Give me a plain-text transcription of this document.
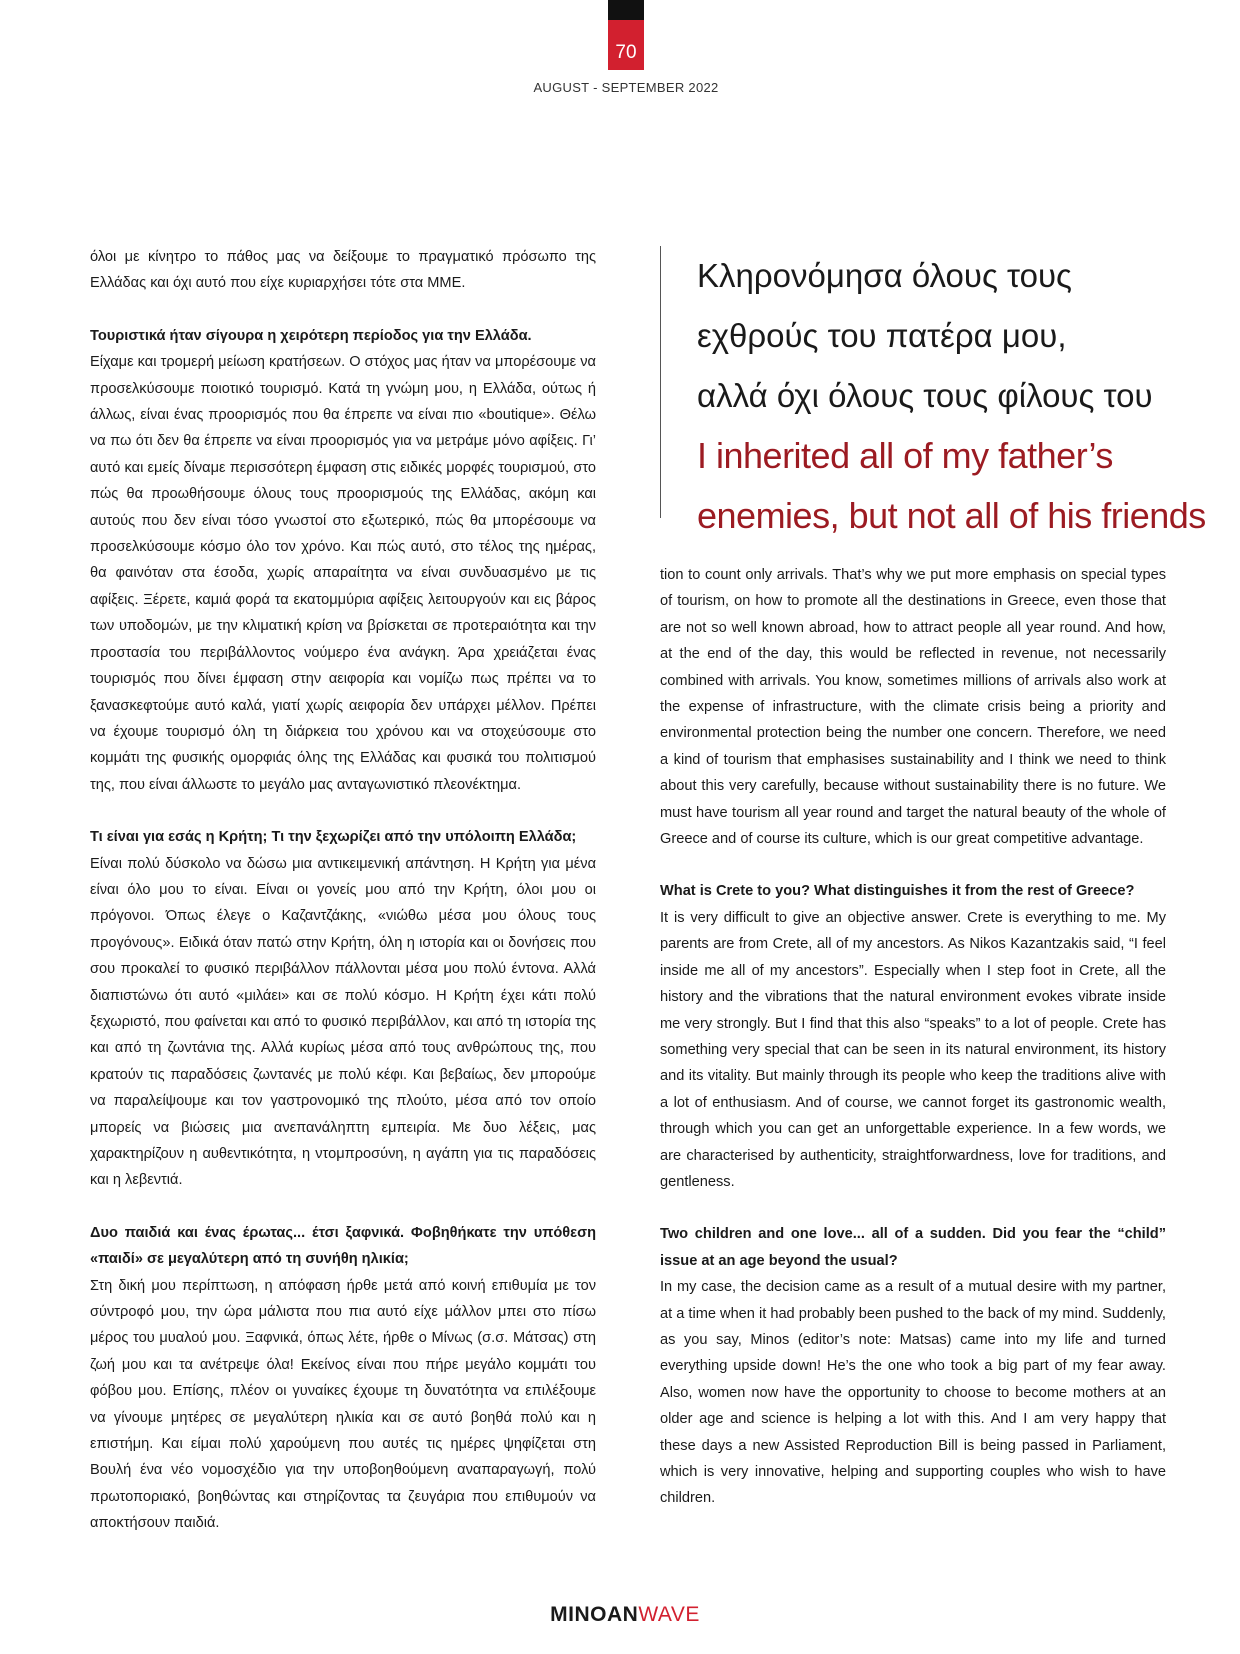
70
AUGUST - SEPTEMBER 2022

όλοι με κίνητρο το πάθος μας να δείξουμε το πραγματικό πρόσωπο της Ελλάδας και όχι αυτό που είχε κυριαρχήσει τότε στα ΜΜΕ.

Τουριστικά ήταν σίγουρα η χειρότερη περίοδος για την Ελλάδα.

Είχαμε και τρομερή μείωση κρατήσεων. Ο στόχος μας ήταν να μπορέσουμε να προσελκύσουμε ποιοτικό τουρισμό. Κατά τη γνώμη μου, η Ελλάδα, ούτως ή άλλως, είναι ένας προορισμός που θα έπρεπε να είναι πιο «boutique». Θέλω να πω ότι δεν θα έπρεπε να είναι προορισμός για να μετράμε μόνο αφίξεις. Γι’ αυτό και εμείς δίναμε περισσότερη έμφαση στις ειδικές μορφές τουρισμού, στο πώς θα προωθήσουμε όλους τους προορισμούς της Ελλάδας, ακόμη και αυτούς που δεν είναι τόσο γνωστοί στο εξωτερικό, πώς θα μπορέσουμε να προσελκύσουμε κόσμο όλο τον χρόνο. Και πώς αυτό, στο τέλος της ημέρας, θα φαινόταν στα έσοδα, χωρίς απαραίτητα να είναι συνδυασμένο με τις αφίξεις. Ξέρετε, καμιά φορά τα εκατομμύρια αφίξεις λειτουργούν και εις βάρος των υποδομών, με την κλιματική κρίση να βρίσκεται σε προτεραιότητα και την προστασία του περιβάλλοντος νούμερο ένα ανάγκη. Άρα χρειάζεται ένας τουρισμός που δίνει έμφαση στην αειφορία και νομίζω πως πρέπει να το ξανασκεφτούμε αυτό καλά, γιατί χωρίς αειφορία δεν υπάρχει μέλλον. Πρέπει να έχουμε τουρισμό όλη τη διάρκεια του χρόνου και να στοχεύσουμε στο κομμάτι της φυσικής ομορφιάς όλης της Ελλάδας και φυσικά του πολιτισμού της, που είναι άλλωστε το μεγάλο μας ανταγωνιστικό πλεονέκτημα.

Τι είναι για εσάς η Κρήτη; Τι την ξεχωρίζει από την υπόλοιπη Ελλάδα;

Είναι πολύ δύσκολο να δώσω μια αντικειμενική απάντηση. Η Κρήτη για μένα είναι όλο μου το είναι. Είναι οι γονείς μου από την Κρήτη, όλοι μου οι πρόγονοι. Όπως έλεγε ο Καζαντζάκης, «νιώθω μέσα μου όλους τους προγόνους». Ειδικά όταν πατώ στην Κρήτη, όλη η ιστορία και οι δονήσεις που σου προκαλεί το φυσικό περιβάλλον πάλλονται μέσα μου πολύ έντονα. Αλλά διαπιστώνω ότι αυτό «μιλάει» και σε πολύ κόσμο. Η Κρήτη έχει κάτι πολύ ξεχωριστό, που φαίνεται και από το φυσικό περιβάλλον, και από τη ιστορία της και από τη ζωντάνια της. Αλλά κυρίως μέσα από τους ανθρώπους της, που κρατούν τις παραδόσεις ζωντανές με πολύ κέφι. Και βεβαίως, δεν μπορούμε να παραλείψουμε και τον γαστρονομικό της πλούτο, μέσα από τον οποίο μπορείς να βιώσεις μια ανεπανάληπτη εμπειρία. Με δυο λέξεις, μας χαρακτηρίζουν η αυθεντικότητα, η ντομπροσύνη, η αγάπη για τις παραδόσεις και η λεβεντιά.

Δυο παιδιά και ένας έρωτας... έτσι ξαφνικά. Φοβηθήκατε την υπόθεση «παιδί» σε μεγαλύτερη από τη συνήθη ηλικία;

Στη δική μου περίπτωση, η απόφαση ήρθε μετά από κοινή επιθυμία με τον σύντροφό μου, την ώρα μάλιστα που πια αυτό είχε μάλλον μπει στο πίσω μέρος του μυαλού μου. Ξαφνικά, όπως λέτε, ήρθε ο Μίνως (σ.σ. Μάτσας) στη ζωή μου και τα ανέτρεψε όλα! Εκείνος είναι που πήρε μεγάλο κομμάτι του φόβου μου. Επίσης, πλέον οι γυναίκες έχουμε τη δυνατότητα να επιλέξουμε να γίνουμε μητέρες σε μεγαλύτερη ηλικία και σε αυτό βοηθά πολύ και η επιστήμη. Και είμαι πολύ χαρούμενη που αυτές τις ημέρες ψηφίζεται στη Βουλή ένα νέο νομοσχέδιο για την υποβοηθούμενη αναπαραγωγή, πολύ πρωτοποριακό, βοηθώντας και στηρίζοντας τα ζευγάρια που επιθυμούν να αποκτήσουν παιδιά.

Κληρονόμησα όλους τους
εχθρούς του πατέρα μου,
αλλά όχι όλους τους φίλους του
I inherited all of my father’s
enemies, but not all of his friends

tion to count only arrivals. That’s why we put more emphasis on special types of tourism, on how to promote all the destinations in Greece, even those that are not so well known abroad, how to attract people all year round. And how, at the end of the day, this would be reflected in revenue, not necessarily combined with arrivals. You know, sometimes millions of arrivals also work at the expense of infrastructure, with the climate crisis being a priority and environmental protection being the number one concern. Therefore, we need a kind of tourism that emphasises sustainability and I think we need to think about this very carefully, because without sustainability there is no future. We must have tourism all year round and target the natural beauty of the whole of Greece and of course its culture, which is our great competitive advantage.

What is Crete to you? What distinguishes it from the rest of Greece?

It is very difficult to give an objective answer. Crete is everything to me. My parents are from Crete, all of my ancestors. As Nikos Kazantzakis said, “I feel inside me all of my ancestors”. Especially when I step foot in Crete, all the history and the vibrations that the natural environment evokes vibrate inside me very strongly. But I find that this also “speaks” to a lot of people. Crete has something very special that can be seen in its natural environment, its history and its vitality. But mainly through its people who keep the traditions alive with a lot of enthusiasm. And of course, we cannot forget its gastronomic wealth, through which you can get an unforgettable experience. In a few words, we are characterised by authenticity, straightforwardness, love for traditions, and gentleness.

Two children and one love... all of a sudden. Did you fear the “child” issue at an age beyond the usual?

In my case, the decision came as a result of a mutual desire with my partner, at a time when it had probably been pushed to the back of my mind. Suddenly, as you say, Minos (editor’s note: Matsas) came into my life and turned everything upside down! He’s the one who took a big part of my fear away. Also, women now have the opportunity to choose to become mothers at an older age and science is helping a lot with this. And I am very happy that these days a new Assisted Reproduction Bill is being passed in Parliament, which is very innovative, helping and supporting couples who wish to have children.

MINOANWAVE
